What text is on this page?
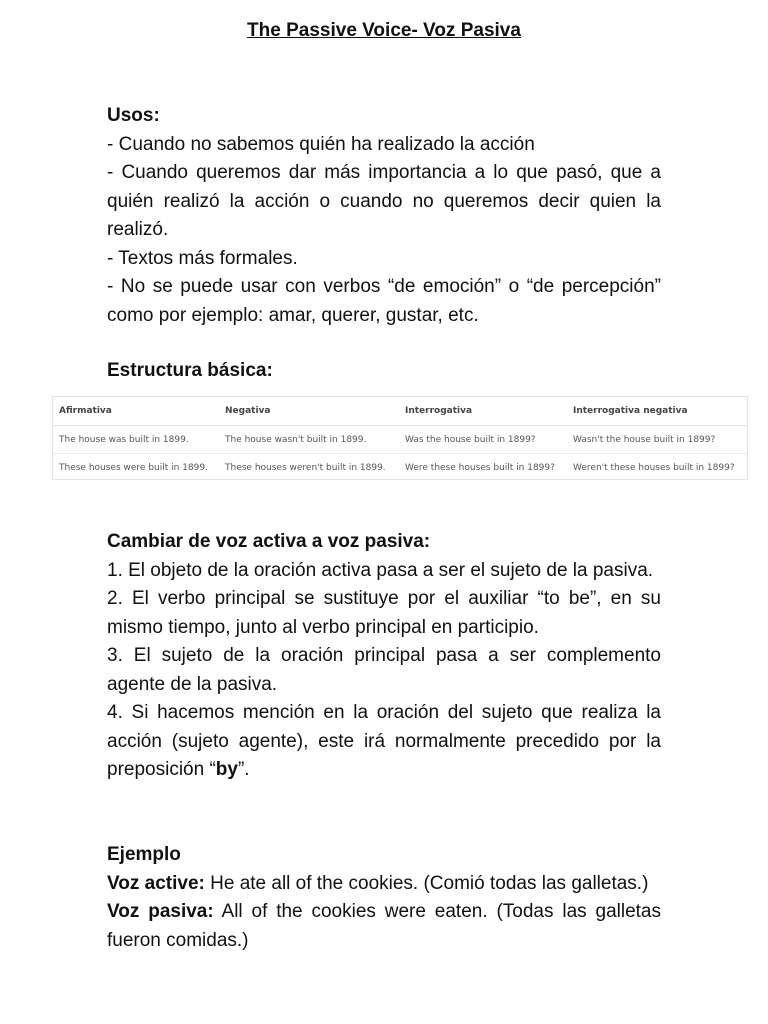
The Passive Voice- Voz Pasiva

Usos:

- Cuando no sabemos quién ha realizado la acción

- Cuando queremos dar más importancia a lo que pasó, que a quién realizó la acción o cuando no queremos decir quien la realizó.

- Textos más formales.

- No se puede usar con verbos “de emoción” o “de percepción” como por ejemplo: amar, querer, gustar, etc.

Estructura básica:

Afirmativa	Negativa	Interrogativa	Interrogativa negativa
The house was built in 1899.	The house wasn't built in 1899.	Was the house built in 1899?	Wasn't the house built in 1899?
These houses were built in 1899.	These houses weren't built in 1899.	Were these houses built in 1899?	Weren't these houses built in 1899?

Cambiar de voz activa a voz pasiva:

1. El objeto de la oración activa pasa a ser el sujeto de la pasiva.

2. El verbo principal se sustituye por el auxiliar “to be”, en su mismo tiempo, junto al verbo principal en participio.

3. El sujeto de la oración principal pasa a ser complemento agente de la pasiva.

4. Si hacemos mención en la oración del sujeto que realiza la acción (sujeto agente), este irá normalmente precedido por la preposición “by”.

Ejemplo

Voz active: He ate all of the cookies. (Comió todas las galletas.)

Voz pasiva: All of the cookies were eaten. (Todas las galletas fueron comidas.)
